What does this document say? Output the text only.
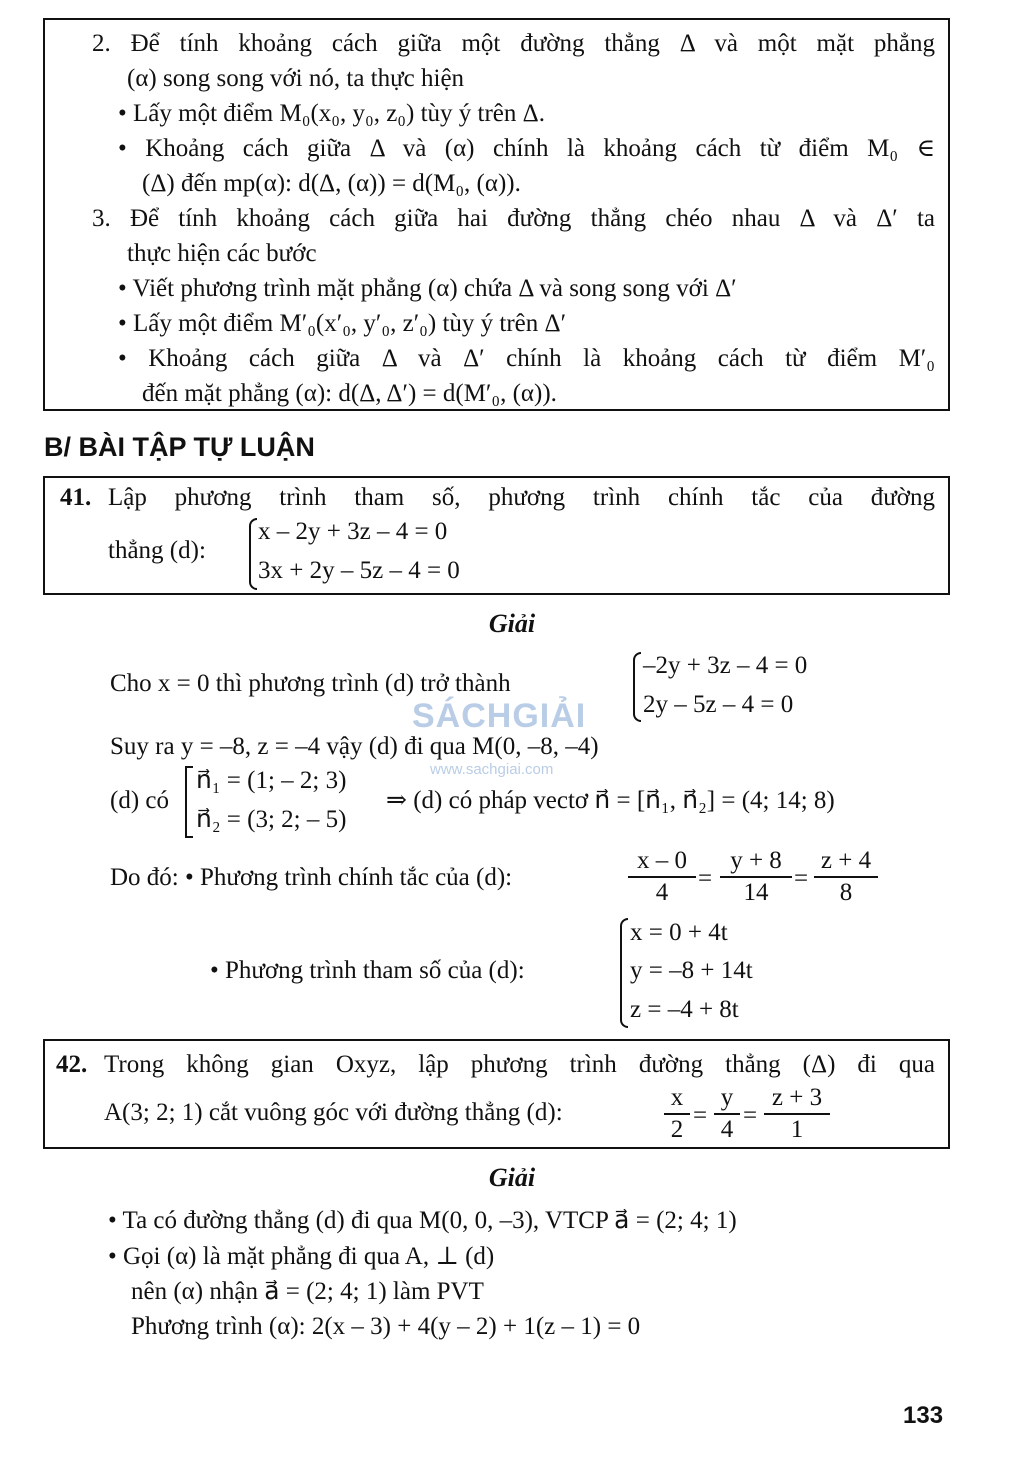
2. Để tính khoảng cách giữa một đường thẳng Δ và một mặt phẳng
(α) song song với nó, ta thực hiện
• Lấy một điểm M₀(x₀, y₀, z₀) tùy ý trên Δ.
• Khoảng cách giữa Δ và (α) chính là khoảng cách từ điểm M₀ ∈
(Δ) đến mp(α): d(Δ, (α)) = d(M₀, (α)).
3. Để tính khoảng cách giữa hai đường thẳng chéo nhau Δ và Δ′ ta
thực hiện các bước
• Viết phương trình mặt phẳng (α) chứa Δ và song song với Δ′
• Lấy một điểm M′₀(x′₀, y′₀, z′₀) tùy ý trên Δ′
• Khoảng cách giữa Δ và Δ′ chính là khoảng cách từ điểm M′₀
đến mặt phẳng (α): d(Δ, Δ′) = d(M′₀, (α)).
B/ BÀI TẬP TỰ LUẬN
41. Lập phương trình tham số, phương trình chính tắc của đường
thẳng (d):
x – 2y + 3z – 4 = 0
3x + 2y – 5z – 4 = 0
Giải
Cho x = 0 thì phương trình (d) trở thành
–2y + 3z – 4 = 0
2y – 5z – 4 = 0
Suy ra y = –8, z = –4 vậy (d) đi qua M(0, –8, –4)
(d) có
n⃗₁ = (1; – 2; 3)
n⃗₂ = (3; 2; – 5)
⇒ (d) có pháp vectơ n⃗ = [n⃗₁, n⃗₂] = (4; 14; 8)
Do đó: • Phương trình chính tắc của (d):	$\frac{x - 0}{4} = \frac{y + 8}{14} = \frac{z + 4}{8}$
• Phương trình tham số của (d):
x = 0 + 4t
y = –8 + 14t
z = –4 + 8t
42. Trong không gian Oxyz, lập phương trình đường thẳng (Δ) đi qua
A(3; 2; 1) cắt vuông góc với đường thẳng (d):	$\frac{x}{2} = \frac{y}{4} = \frac{z + 3}{1}$
Giải
• Ta có đường thẳng (d) đi qua M(0, 0, –3), VTCP a⃗ = (2; 4; 1)
• Gọi (α) là mặt phẳng đi qua A, ⊥ (d)
nên (α) nhận a⃗ = (2; 4; 1) làm PVT
Phương trình (α): 2(x – 3) + 4(y – 2) + 1(z – 1) = 0
SÁCHGIẢI
www.sachgiai.com
133
